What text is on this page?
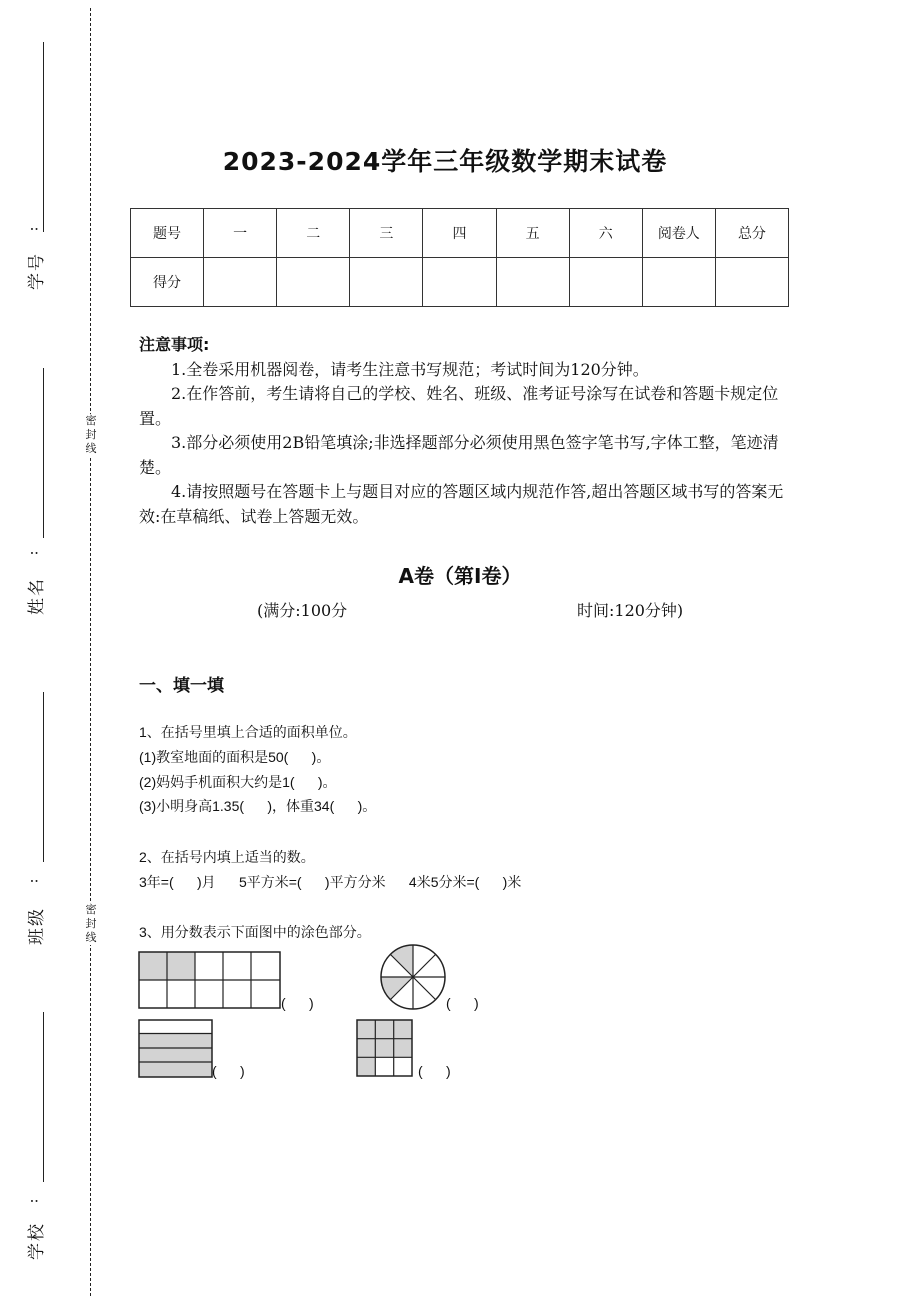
:
学号
:
姓名
:
班级
:
学校
密
封
线
密
封
线
2023-2024学年三年级数学期末试卷
题号	一	二	三	四	五	六	阅卷人	总分
得分								
注意事项:

1.全卷采用机器阅卷，请考生注意书写规范；考试时间为120分钟。

2.在作答前，考生请将自己的学校、姓名、班级、准考证号涂写在试卷和答题卡规定位置。

3.部分必须使用2B铅笔填涂;非选择题部分必须使用黑色签字笔书写,字体工整，笔迹清楚。

4.请按照题号在答题卡上与题目对应的答题区域内规范作答,超出答题区域书写的答案无效:在草稿纸、试卷上答题无效。

A卷（第I卷）
(满分:100分	时间:120分钟)
一、填一填
1、在括号里填上合适的面积单位。
(1)教室地面的面积是50(      )。
(2)妈妈手机面积大约是1(      )。
(3)小明身高1.35(      )，体重34(      )。
2、在括号内填上适当的数。
3年=(      )月      5平方米=(      )平方分米      4米5分米=(      )米
3、用分数表示下面图中的涂色部分。
(      )	(      )
(      )	(      )
